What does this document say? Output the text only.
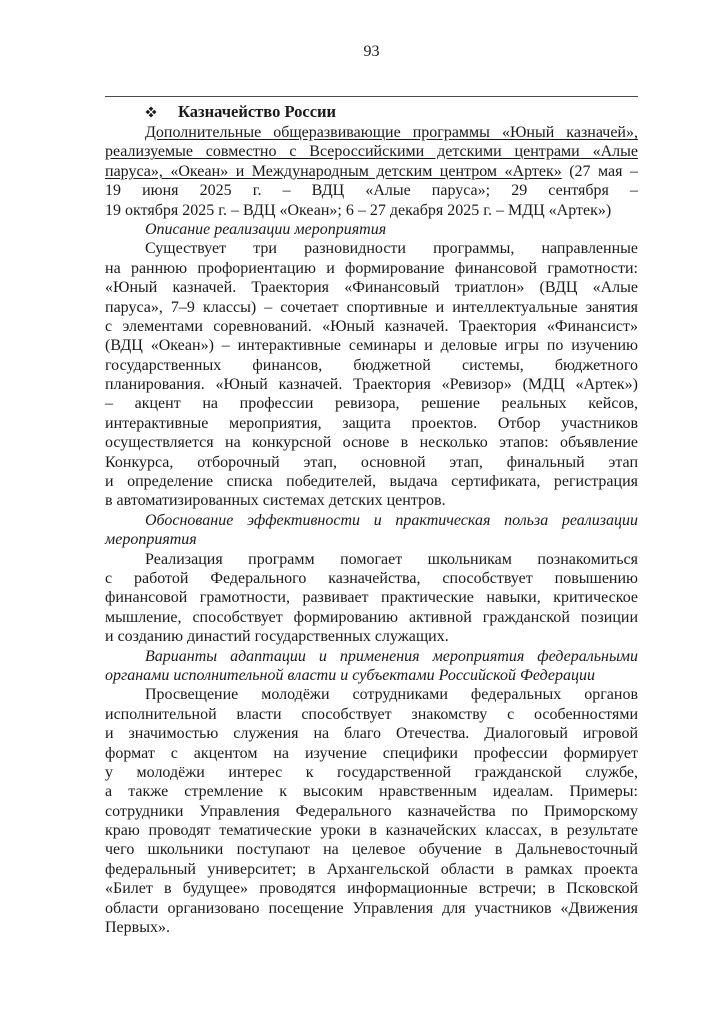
93
Казначейство России
Дополнительные общеразвивающие программы «Юный казначей»,
реализуемые совместно с Всероссийскими детскими центрами «Алые
паруса», «Океан» и Международным детским центром «Артек» (27 мая –
19 июня 2025 г. – ВДЦ «Алые паруса»; 29 сентября –
19 октября 2025 г. – ВДЦ «Океан»; 6 – 27 декабря 2025 г. – МДЦ «Артек»)
Описание реализации мероприятия
Существует три разновидности программы, направленные
на раннюю профориентацию и формирование финансовой грамотности:
«Юный казначей. Траектория «Финансовый триатлон» (ВДЦ «Алые
паруса», 7–9 классы) – сочетает спортивные и интеллектуальные занятия
с элементами соревнований. «Юный казначей. Траектория «Финансист»
(ВДЦ «Океан») – интерактивные семинары и деловые игры по изучению
государственных финансов, бюджетной системы, бюджетного
планирования. «Юный казначей. Траектория «Ревизор» (МДЦ «Артек»)
– акцент на профессии ревизора, решение реальных кейсов,
интерактивные мероприятия, защита проектов. Отбор участников
осуществляется на конкурсной основе в несколько этапов: объявление
Конкурса, отборочный этап, основной этап, финальный этап
и определение списка победителей, выдача сертификата, регистрация
в автоматизированных системах детских центров.
Обоснование эффективности и практическая польза реализации
мероприятия
Реализация программ помогает школьникам познакомиться
с работой Федерального казначейства, способствует повышению
финансовой грамотности, развивает практические навыки, критическое
мышление, способствует формированию активной гражданской позиции
и созданию династий государственных служащих.
Варианты адаптации и применения мероприятия федеральными
органами исполнительной власти и субъектами Российской Федерации
Просвещение молодёжи сотрудниками федеральных органов
исполнительной власти способствует знакомству с особенностями
и значимостью служения на благо Отечества. Диалоговый игровой
формат с акцентом на изучение специфики профессии формирует
у молодёжи интерес к государственной гражданской службе,
а также стремление к высоким нравственным идеалам. Примеры:
сотрудники Управления Федерального казначейства по Приморскому
краю проводят тематические уроки в казначейских классах, в результате
чего школьники поступают на целевое обучение в Дальневосточный
федеральный университет; в Архангельской области в рамках проекта
«Билет в будущее» проводятся информационные встречи; в Псковской
области организовано посещение Управления для участников «Движения
Первых».
